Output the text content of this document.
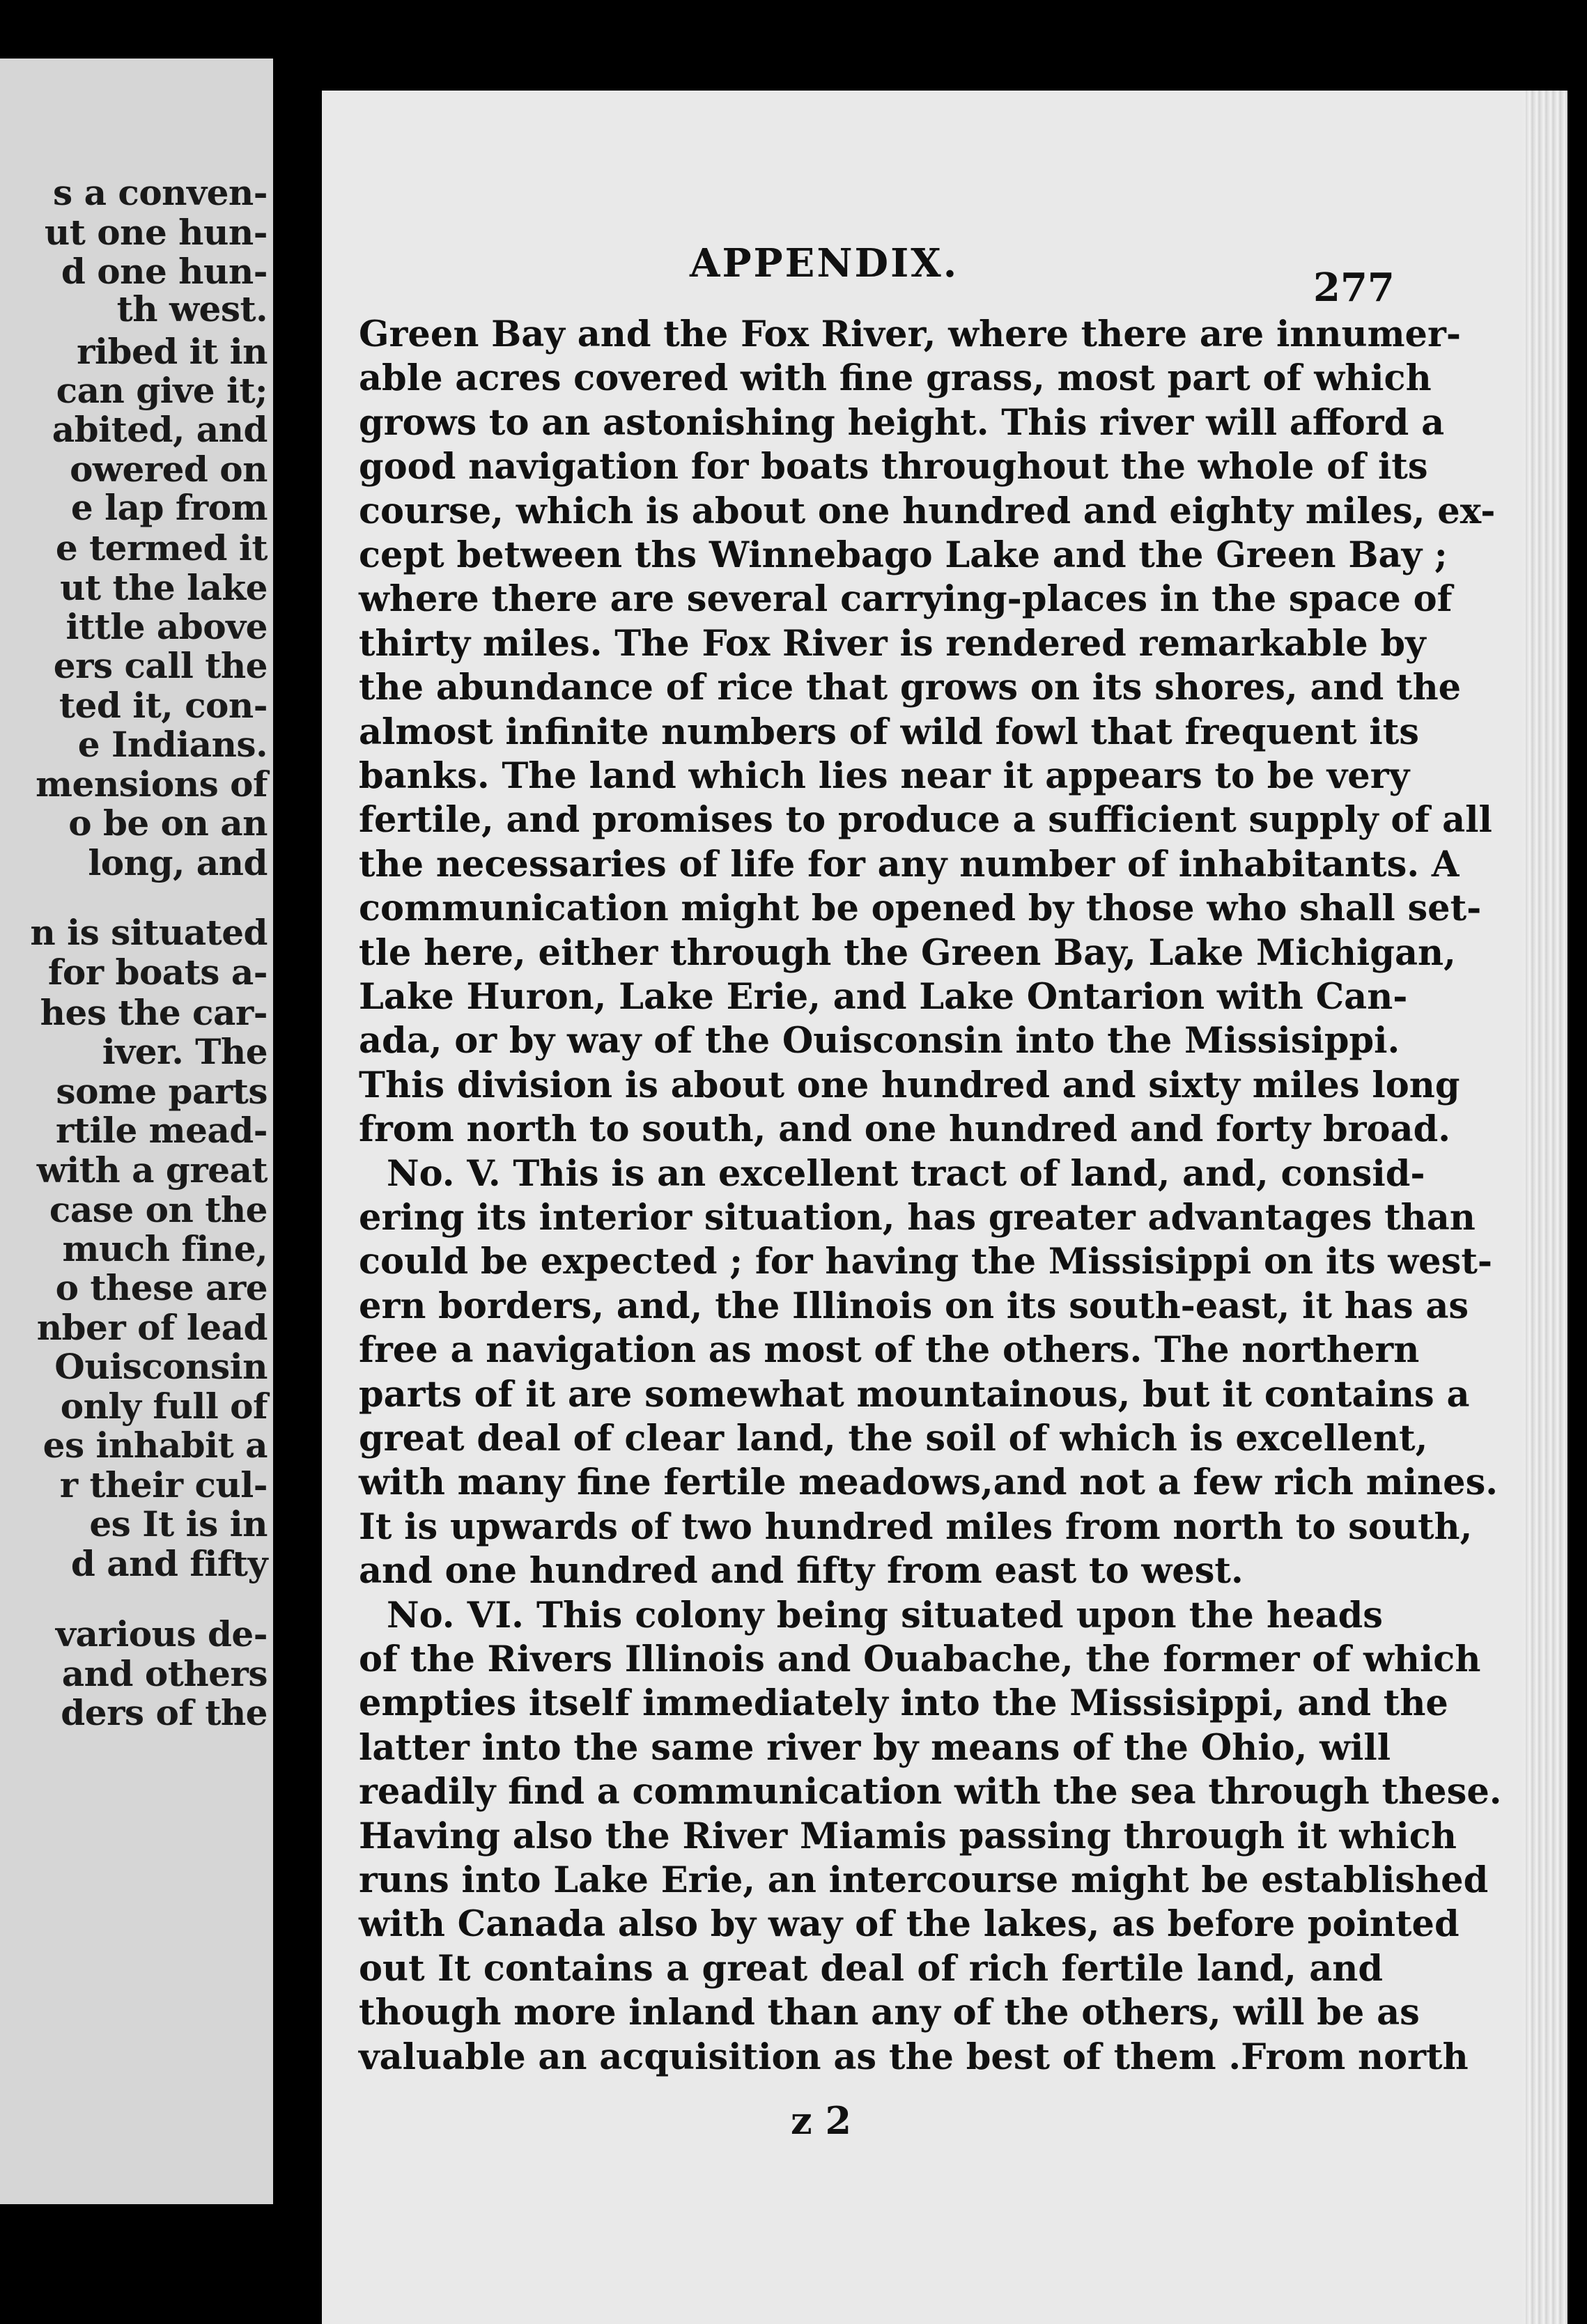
s a conven-
ut one hun-
d one hun-
th west.
ribed it in
can give it;
abited, and
owered on
e lap from
e termed it
ut the lake
ittle above
ers call the
ted it, con-
e Indians.
mensions of
o be on an
long, and
n is situated
for boats a-
hes the car-
iver. The
some parts
rtile mead-
with a great
case on the
much fine,
o these are
nber of lead
Ouisconsin
only full of
es inhabit a
r their cul-
es It is in
d and fifty
various de-
and others
ders of the
APPENDIX.
277
Green Bay and the Fox River, where there are innumer-
able acres covered with fine grass, most part of which
grows to an astonishing height. This river will afford a
good navigation for boats throughout the whole of its
course, which is about one hundred and eighty miles, ex-
cept between ths Winnebago Lake and the Green Bay ;
where there are several carrying-places in the space of
thirty miles. The Fox River is rendered remarkable by
the abundance of rice that grows on its shores, and the
almost infinite numbers of wild fowl that frequent its
banks. The land which lies near it appears to be very
fertile, and promises to produce a sufficient supply of all
the necessaries of life for any number of inhabitants. A
communication might be opened by those who shall set-
tle here, either through the Green Bay, Lake Michigan,
Lake Huron, Lake Erie, and Lake Ontarion with Can-
ada, or by way of the Ouisconsin into the Missisippi.
This division is about one hundred and sixty miles long
from north to south, and one hundred and forty broad.
No. V. This is an excellent tract of land, and, consid-
ering its interior situation, has greater advantages than
could be expected ; for having the Missisippi on its west-
ern borders, and, the Illinois on its south-east, it has as
free a navigation as most of the others. The northern
parts of it are somewhat mountainous, but it contains a
great deal of clear land, the soil of which is excellent,
with many fine fertile meadows,and not a few rich mines.
It is upwards of two hundred miles from north to south,
and one hundred and fifty from east to west.
No. VI. This colony being situated upon the heads
of the Rivers Illinois and Ouabache, the former of which
empties itself immediately into the Missisippi, and the
latter into the same river by means of the Ohio, will
readily find a communication with the sea through these.
Having also the River Miamis passing through it which
runs into Lake Erie, an intercourse might be established
with Canada also by way of the lakes, as before pointed
out It contains a great deal of rich fertile land, and
though more inland than any of the others, will be as
valuable an acquisition as the best of them .From north
z 2
